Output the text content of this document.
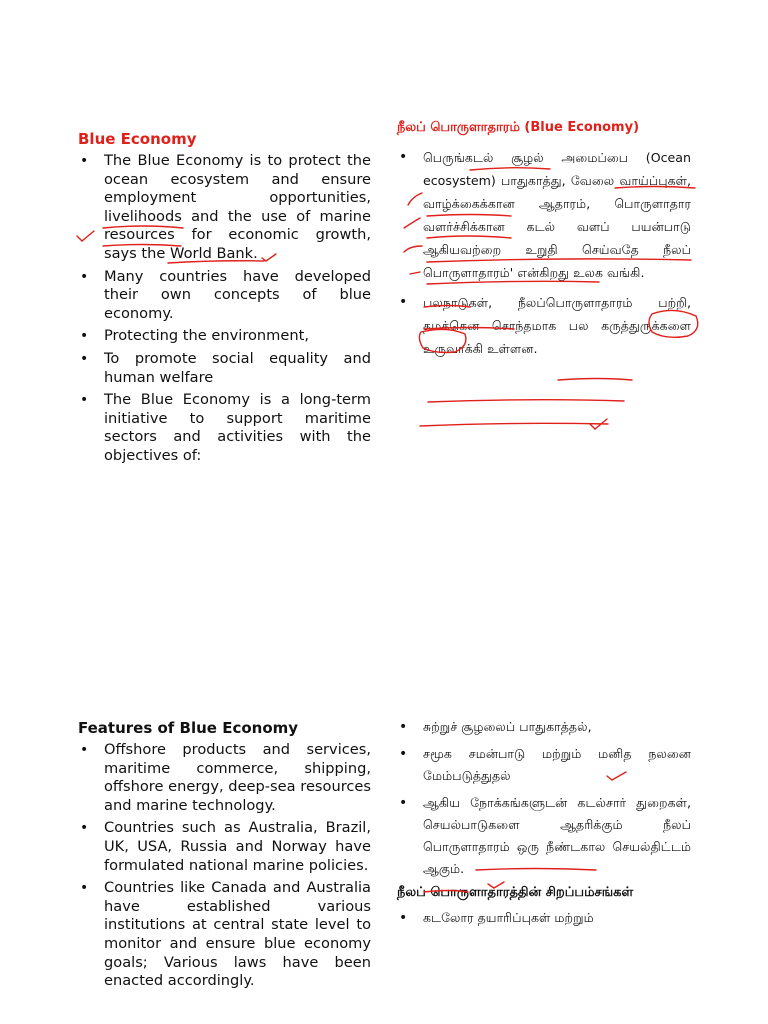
Blue Economy
• The Blue Economy is to protect the ocean ecosystem and ensure employment opportunities, livelihoods and the use of marine resources for economic growth, says the World Bank.
• Many countries have developed their own concepts of blue economy.
• Protecting the environment,
• To promote social equality and human welfare
• The Blue Economy is a long-term initiative to support maritime sectors and activities with the objectives of:
நீலப் பொருளாதாரம் (Blue Economy)
• பெருங்கடல் சூழல் அமைப்பை (Ocean ecosystem) பாதுகாத்து, வேலை வாய்ப்புகள், வாழ்க்கைக்கான ஆதாரம், பொருளாதார வளர்ச்சிக்கான கடல் வளப் பயன்பாடு ஆகியவற்றை உறுதி செய்வதே நீலப் பொருளாதாரம்' என்கிறது உலக வங்கி.
• பலநாடுகள், நீலப்பொருளாதாரம் பற்றி, தமக்கென சொந்தமாக பல கருத்துருக்களை உருவாக்கி உள்ளன.
Features of Blue Economy
• Offshore products and services, maritime commerce, shipping, offshore energy, deep-sea resources and marine technology.
• Countries such as Australia, Brazil, UK, USA, Russia and Norway have formulated national marine policies.
• Countries like Canada and Australia have established various institutions at central state level to monitor and ensure blue economy goals; Various laws have been enacted accordingly.
• சுற்றுச் சூழலைப் பாதுகாத்தல்,
• சமூக சமன்பாடு மற்றும் மனித நலனை மேம்படுத்துதல்
• ஆகிய நோக்கங்களுடன் கடல்சார் துறைகள், செயல்பாடுகளை ஆதரிக்கும் நீலப் பொருளாதாரம் ஒரு நீண்டகால செயல்திட்டம் ஆகும்.
நீலப் பொருளாதாரத்தின் சிறப்பம்சங்கள்
• கடலோர தயாரிப்புகள் மற்றும்
